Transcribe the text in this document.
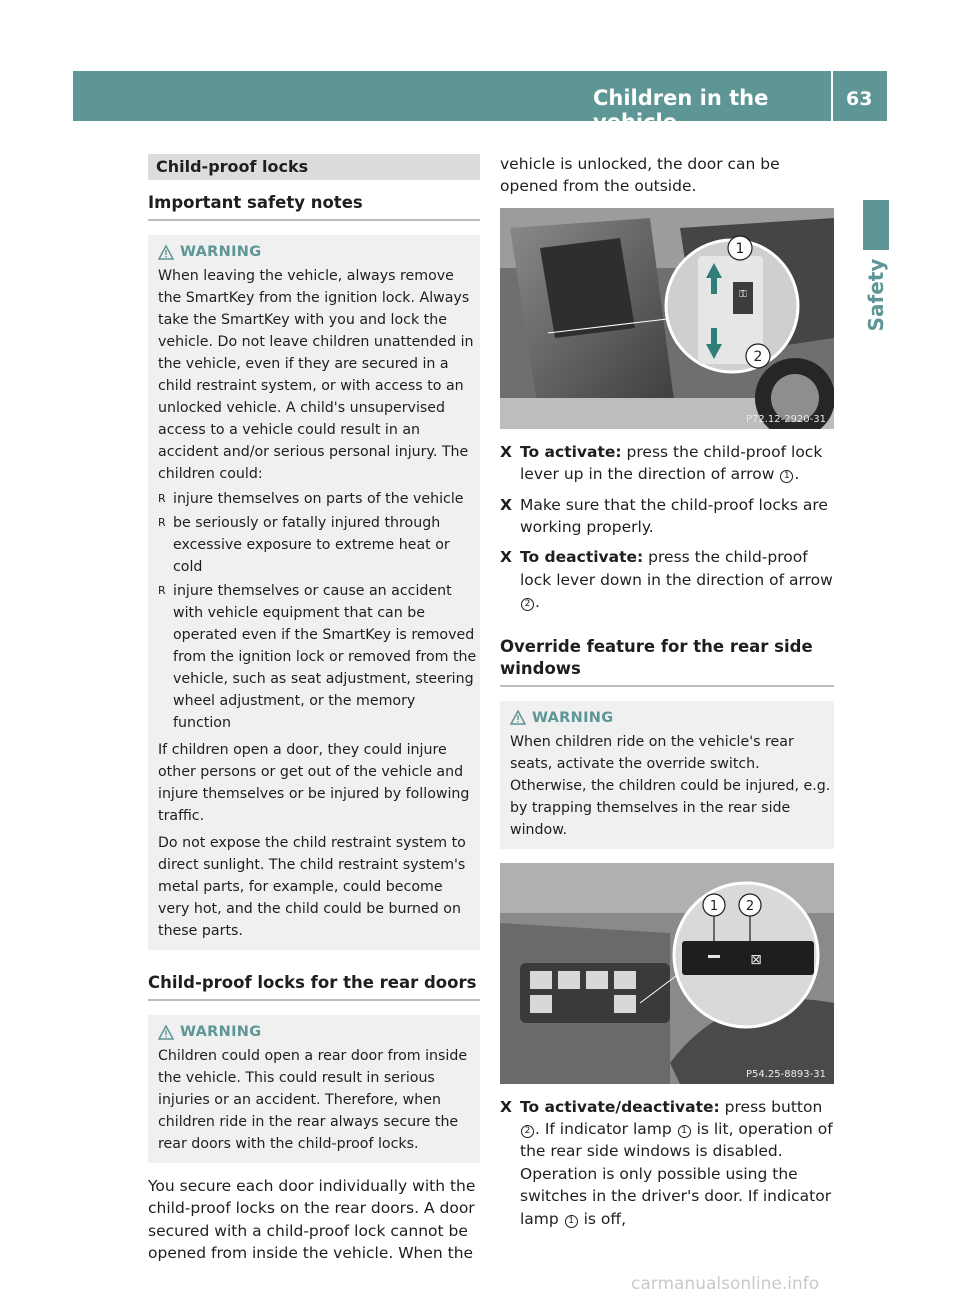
Children in the vehicle
63
Safety
Child-proof locks
Important safety notes
WARNING

When leaving the vehicle, always remove the SmartKey from the ignition lock. Always take the SmartKey with you and lock the vehicle. Do not leave children unattended in the vehicle, even if they are secured in a child restraint system, or with access to an unlocked vehicle. A child's unsupervised access to a vehicle could result in an accident and/or serious personal injury. The children could:

R injure themselves on parts of the vehicle
R be seriously or fatally injured through excessive exposure to extreme heat or cold
R injure themselves or cause an accident with vehicle equipment that can be operated even if the SmartKey is removed from the ignition lock or removed from the vehicle, such as seat adjustment, steering wheel adjustment, or the memory function

If children open a door, they could injure other persons or get out of the vehicle and injure themselves or be injured by following traffic.

Do not expose the child restraint system to direct sunlight. The child restraint system's metal parts, for example, could become very hot, and the child could be burned on these parts.

Child-proof locks for the rear doors
WARNING

Children could open a rear door from inside the vehicle. This could result in serious injuries or an accident. Therefore, when children ride in the rear always secure the rear doors with the child-proof locks.

You secure each door individually with the child-proof locks on the rear doors. A door secured with a child-proof lock cannot be opened from inside the vehicle. When the

vehicle is unlocked, the door can be opened from the outside.

⚿
1
2
P72.12-2920-31
X To activate: press the child-proof lock lever up in the direction of arrow 1 .
X Make sure that the child-proof locks are working properly.
X To deactivate: press the child-proof lock lever down in the direction of arrow 2 .
Override feature for the rear side windows
WARNING

When children ride on the vehicle's rear seats, activate the override switch. Otherwise, the children could be injured, e.g. by trapping themselves in the rear side window.

⊠
1 2
P54.25-8893-31
X To activate/deactivate: press button 2 . If indicator lamp 1 is lit, operation of the rear side windows is disabled. Operation is only possible using the switches in the driver's door. If indicator lamp 1 is off,
carmanualsonline.info
